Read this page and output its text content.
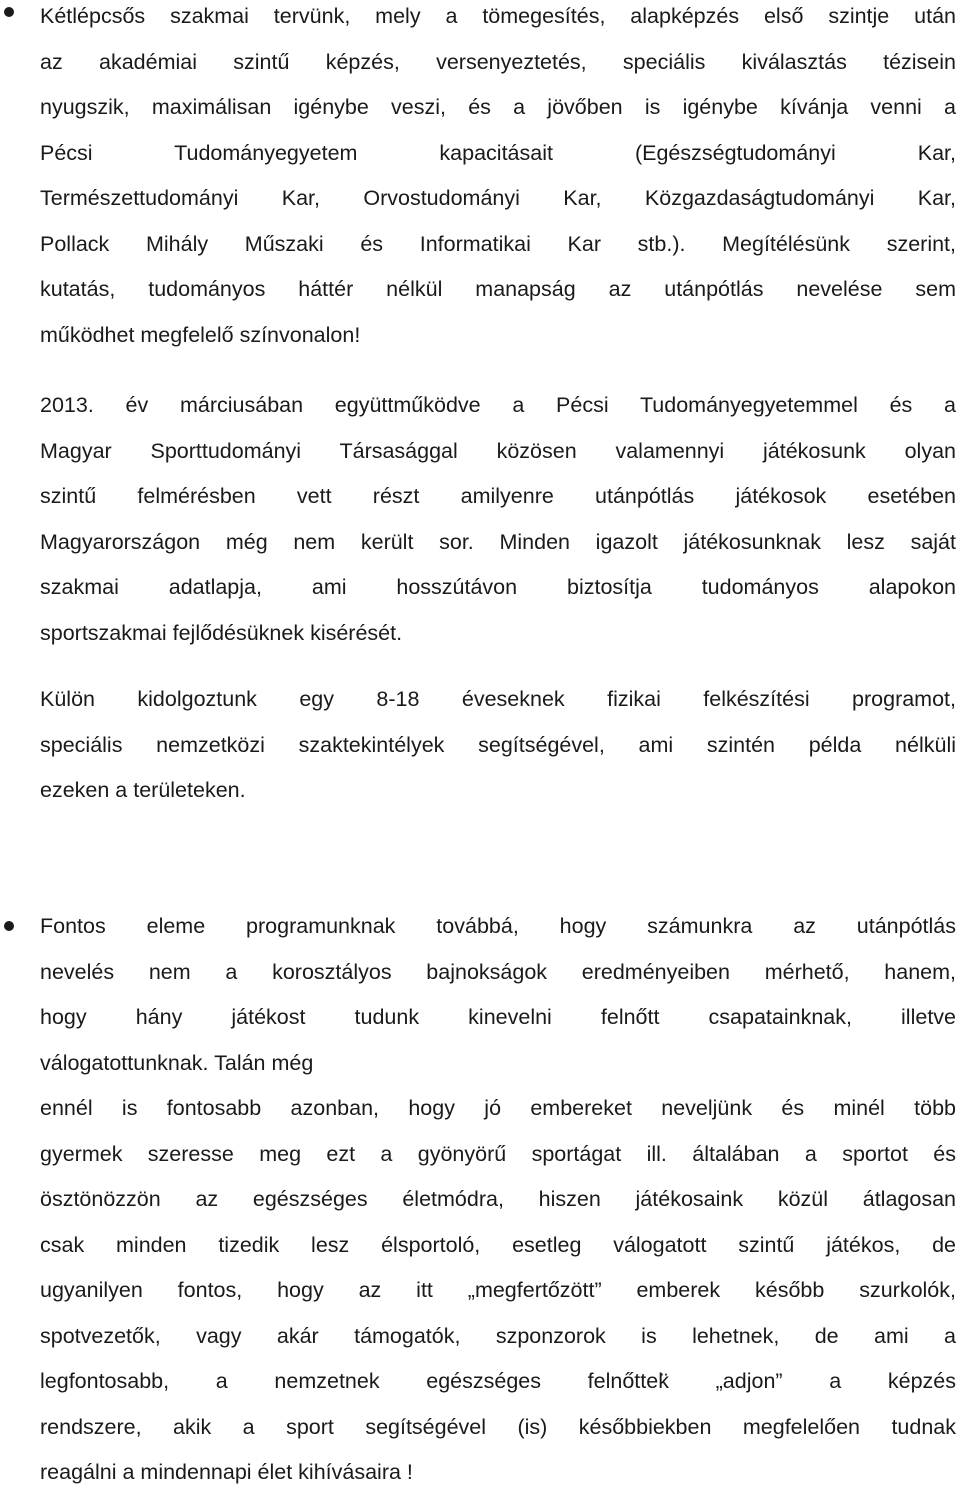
Kétlépcsős szakmai tervünk, mely a tömegesítés, alapképzés első szintje után
az akadémiai szintű képzés, versenyeztetés, speciális kiválasztás tézisein
nyugszik, maximálisan igénybe veszi, és a jövőben is igénybe kívánja venni a
Pécsi Tudományegyetem kapacitásait (Egészségtudományi Kar,
Természettudományi Kar, Orvostudományi Kar, Közgazdaságtudományi Kar,
Pollack Mihály Műszaki és Informatikai Kar stb.). Megítélésünk szerint,
kutatás, tudományos háttér nélkül manapság az utánpótlás nevelése sem
működhet megfelelő színvonalon!
2013. év márciusában együttműködve a Pécsi Tudományegyetemmel és a
Magyar Sporttudományi Társasággal közösen valamennyi játékosunk olyan
szintű felmérésben vett részt amilyenre utánpótlás játékosok esetében
Magyarországon még nem került sor. Minden igazolt játékosunknak lesz saját
szakmai adatlapja, ami hosszútávon biztosítja tudományos alapokon
sportszakmai fejlődésüknek kisérését.
Külön kidolgoztunk egy 8-18 éveseknek fizikai felkészítési programot,
speciális nemzetközi szaktekintélyek segítségével, ami szintén példa nélküli
ezeken a területeken.
Fontos eleme programunknak továbbá, hogy számunkra az utánpótlás
nevelés nem a korosztályos bajnokságok eredményeiben mérhető, hanem,
hogy hány játékost tudunk kinevelni felnőtt csapatainknak, illetve
válogatottunknak. Talán még
ennél is fontosabb azonban, hogy jó embereket neveljünk és minél több
gyermek szeresse meg ezt a gyönyörű sportágat ill. általában a sportot és
ösztönözzön az egészséges életmódra, hiszen játékosaink közül átlagosan
csak minden tizedik lesz élsportoló, esetleg válogatott szintű játékos, de
ugyanilyen fontos, hogy az itt „megfertőzött” emberek később szurkolók,
spotvezetők, vagy akár támogatók, szponzorok is lehetnek, de ami a
legfontosabb, a nemzetnek egészséges felnőttek̈ „adjon” a képzés
rendszere, akik a sport segítségével (is) későbbiekben megfelelően tudnak
reagálni a mindennapi élet kihívásaira !
